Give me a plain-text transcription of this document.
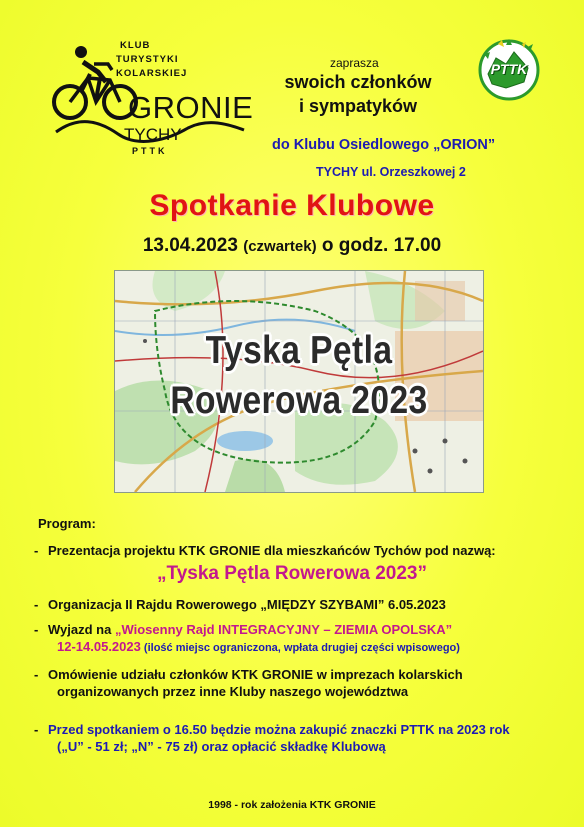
KLUB
TURYSTYKI
KOLARSKIEJ
GRONIE
TYCHY
PTTK
PTTK
zaprasza
swoich członków
i sympatyków
do Klubu Osiedlowego „ORION”
TYCHY ul. Orzeszkowej 2
Spotkanie Klubowe
13.04.2023 (czwartek) o godz. 17.00
Tyska Pętla
Rowerowa 2023
Program:
- Prezentacja projektu KTK GRONIE dla mieszkańców Tychów pod nazwą:
„Tyska Pętla Rowerowa 2023”
- Organizacja II Rajdu Rowerowego „MIĘDZY SZYBAMI” 6.05.2023
- Wyjazd na „Wiosenny Rajd INTEGRACYJNY – ZIEMIA OPOLSKA”
12-14.05.2023 (ilość miejsc ograniczona, wpłata drugiej części wpisowego)
- Omówienie udziału członków KTK GRONIE w imprezach kolarskich
organizowanych przez inne Kluby naszego województwa
- Przed spotkaniem o 16.50 będzie można zakupić znaczki PTTK na 2023 rok
(„U” - 51 zł; „N” - 75 zł) oraz opłacić składkę Klubową
1998 - rok założenia KTK GRONIE
